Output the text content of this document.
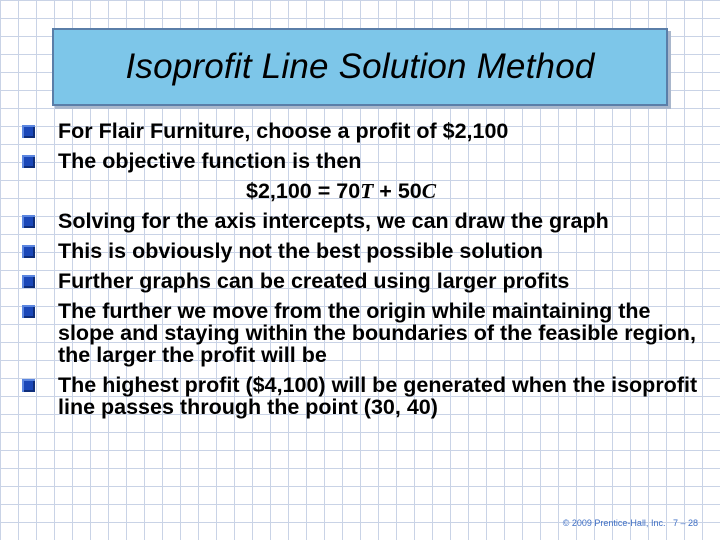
Isoprofit Line Solution Method
For Flair Furniture, choose a profit of $2,100
The objective function is then
$2,100 = 70T + 50C
Solving for the axis intercepts, we can draw the graph
This is obviously not the best possible solution
Further graphs can be created using larger profits
The further we move from the origin while maintaining the slope and staying within the boundaries of the feasible region, the larger the profit will be
The highest profit ($4,100) will be generated when the isoprofit line passes through the point (30, 40)
© 2009 Prentice-Hall, Inc. 7 – 28
